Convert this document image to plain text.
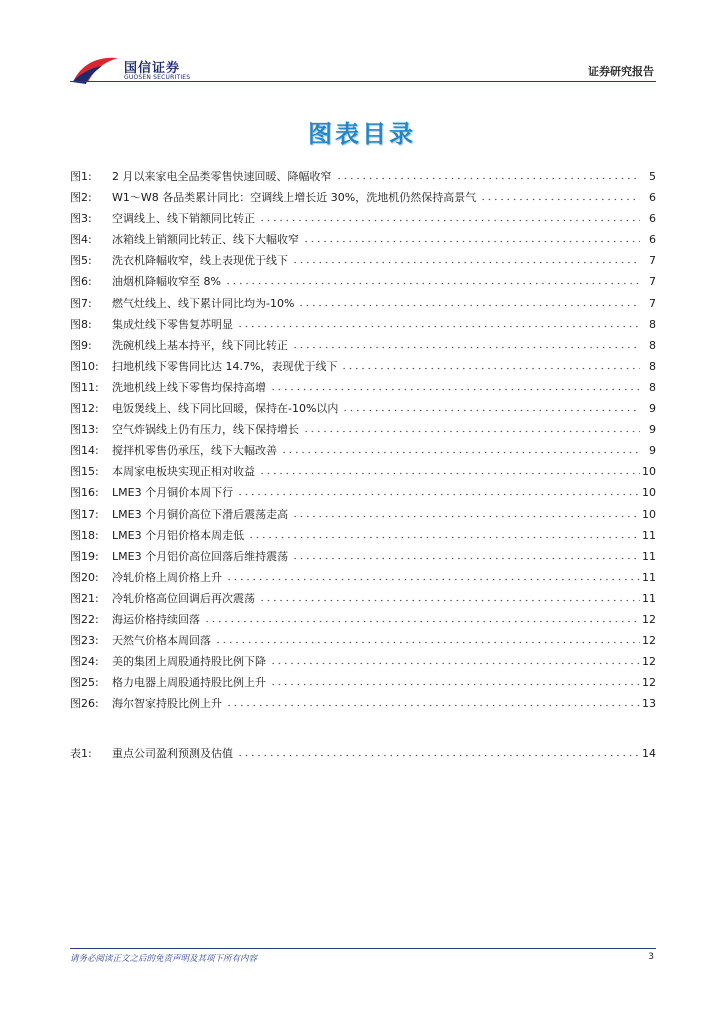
国信证券
GUOSEN SECURITIES	证券研究报告
图表目录
图1:	2 月以来家电全品类零售快速回暖、降幅收窄	5
图2:	W1～W8 各品类累计同比：空调线上增长近 30%，洗地机仍然保持高景气	6
图3:	空调线上、线下销额同比转正	6
图4:	冰箱线上销额同比转正、线下大幅收窄	6
图5:	洗衣机降幅收窄，线上表现优于线下	7
图6:	油烟机降幅收窄至 8%	7
图7:	燃气灶线上、线下累计同比均为-10%	7
图8:	集成灶线下零售复苏明显	8
图9:	洗碗机线上基本持平，线下同比转正	8
图10:	扫地机线下零售同比达 14.7%，表现优于线下	8
图11:	洗地机线上线下零售均保持高增	8
图12:	电饭煲线上、线下同比回暖，保持在-10%以内	9
图13:	空气炸锅线上仍有压力，线下保持增长	9
图14:	搅拌机零售仍承压，线下大幅改善	9
图15:	本周家电板块实现正相对收益	10
图16:	LME3 个月铜价本周下行	10
图17:	LME3 个月铜价高位下滑后震荡走高	10
图18:	LME3 个月铝价格本周走低	11
图19:	LME3 个月铝价高位回落后维持震荡	11
图20:	冷轧价格上周价格上升	11
图21:	冷轧价格高位回调后再次震荡	11
图22:	海运价格持续回落	12
图23:	天然气价格本周回落	12
图24:	美的集团上周股通持股比例下降	12
图25:	格力电器上周股通持股比例上升	12
图26:	海尔智家持股比例上升	13
表1:	重点公司盈利预测及估值	14
请务必阅读正文之后的免责声明及其项下所有内容	3
